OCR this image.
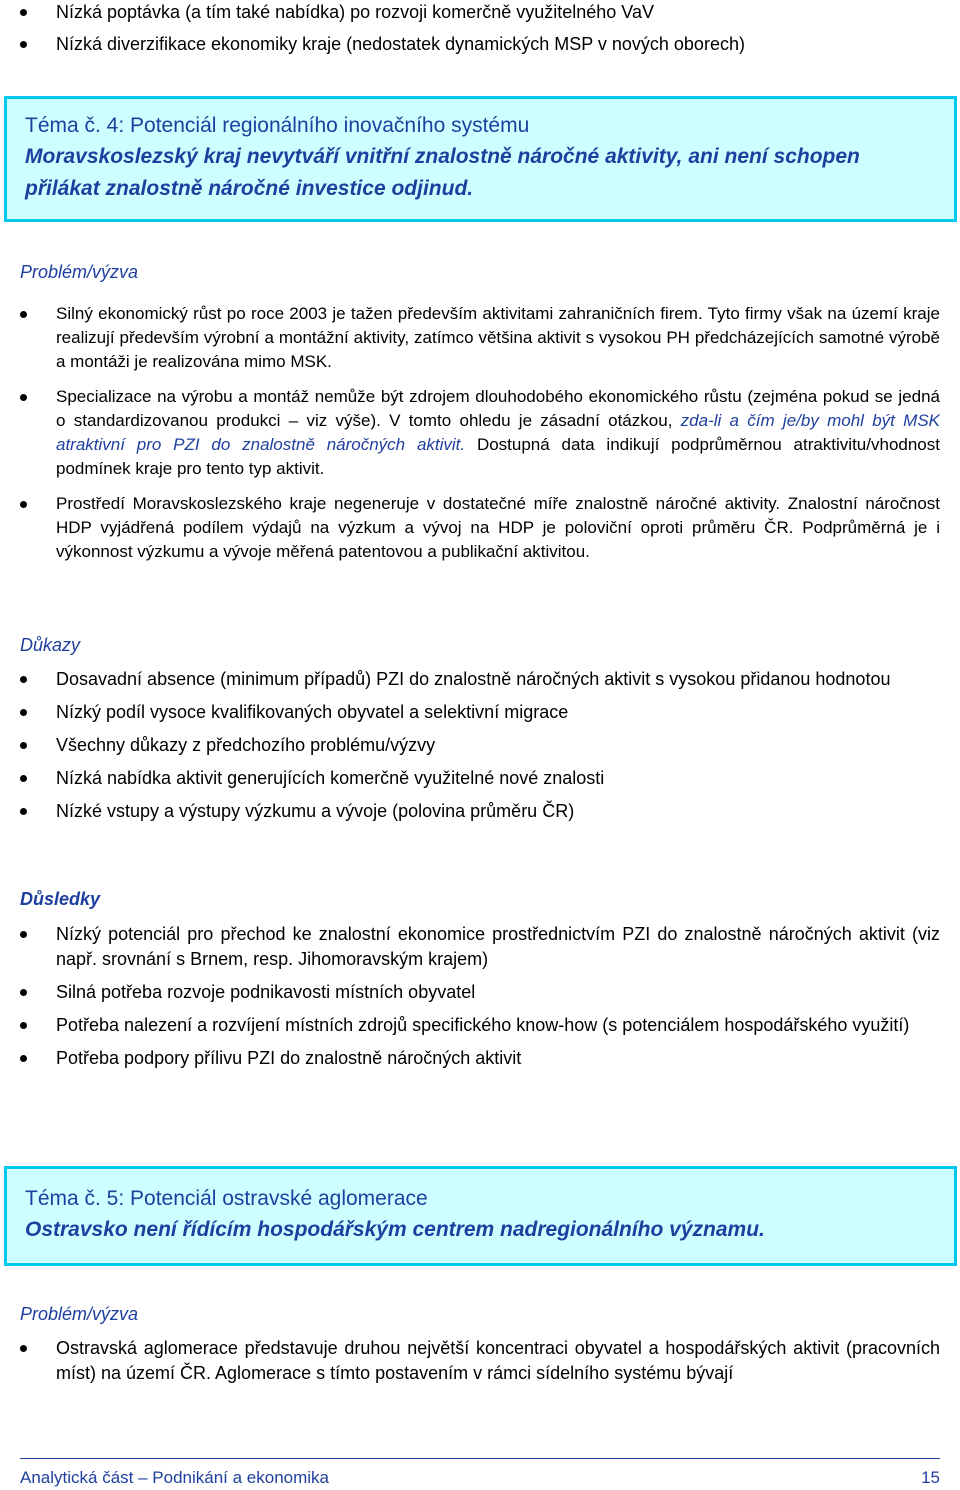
Nízká poptávka (a tím také nabídka) po rozvoji komerčně využitelného VaV
Nízká diverzifikace ekonomiky kraje (nedostatek dynamických MSP v nových oborech)
Téma č. 4: Potenciál regionálního inovačního systému
Moravskoslezský kraj nevytváří vnitřní znalostně náročné aktivity, ani není schopen přilákat znalostně náročné investice odjinud.
Problém/výzva
Silný ekonomický růst po roce 2003 je tažen především aktivitami zahraničních firem. Tyto firmy však na území kraje realizují především výrobní a montážní aktivity, zatímco většina aktivit s vysokou PH předcházejících samotné výrobě a montáži je realizována mimo MSK.
Specializace na výrobu a montáž nemůže být zdrojem dlouhodobého ekonomického růstu (zejména pokud se jedná o standardizovanou produkci – viz výše). V tomto ohledu je zásadní otázkou, zda-li a čím je/by mohl být MSK atraktivní pro PZI do znalostně náročných aktivit. Dostupná data indikují podprůměrnou atraktivitu/vhodnost podmínek kraje pro tento typ aktivit.
Prostředí Moravskoslezského kraje negeneruje v dostatečné míře znalostně náročné aktivity. Znalostní náročnost HDP vyjádřená podílem výdajů na výzkum a vývoj na HDP je poloviční oproti průměru ČR. Podprůměrná je i výkonnost výzkumu a vývoje měřená patentovou a publikační aktivitou.
Důkazy
Dosavadní absence (minimum případů) PZI do znalostně náročných aktivit s vysokou přidanou hodnotou
Nízký podíl vysoce kvalifikovaných obyvatel a selektivní migrace
Všechny důkazy z předchozího problému/výzvy
Nízká nabídka aktivit generujících komerčně využitelné nové znalosti
Nízké vstupy a výstupy výzkumu a vývoje (polovina průměru ČR)
Důsledky
Nízký potenciál pro přechod ke znalostní ekonomice prostřednictvím PZI do znalostně náročných aktivit (viz např. srovnání s Brnem, resp. Jihomoravským krajem)
Silná potřeba rozvoje podnikavosti místních obyvatel
Potřeba nalezení a rozvíjení místních zdrojů specifického know-how (s potenciálem hospodářského využití)
Potřeba podpory přílivu PZI do znalostně náročných aktivit
Téma č. 5: Potenciál ostravské aglomerace
Ostravsko není řídícím hospodářským centrem nadregionálního významu.
Problém/výzva
Ostravská aglomerace představuje druhou největší koncentraci obyvatel a hospodářských aktivit (pracovních míst) na území ČR. Aglomerace s tímto postavením v rámci sídelního systému bývají
Analytická část – Podnikání a ekonomika	15
